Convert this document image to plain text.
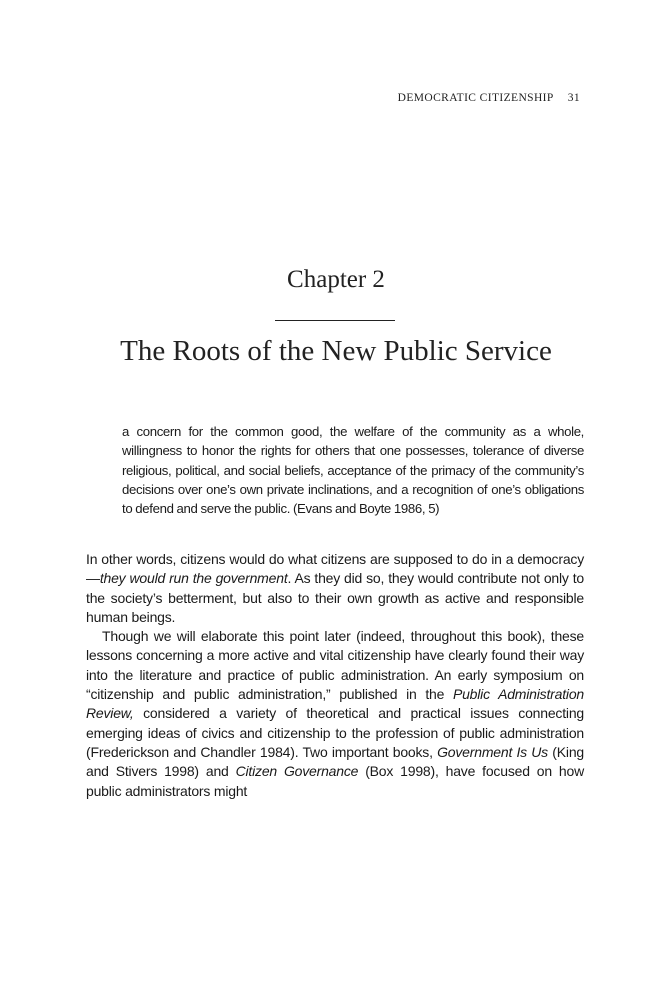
DEMOCRATIC CITIZENSHIP 31
Chapter 2
The Roots of the New Public Service
a concern for the common good, the welfare of the community as a whole, willingness to honor the rights for others that one possesses, tolerance of diverse religious, political, and social beliefs, acceptance of the primacy of the community’s decisions over one’s own private inclinations, and a recognition of one’s obligations to defend and serve the public. (Evans and Boyte 1986, 5)

In other words, citizens would do what citizens are supposed to do in a democracy—they would run the government. As they did so, they would contribute not only to the society’s betterment, but also to their own growth as active and responsible human beings.

Though we will elaborate this point later (indeed, throughout this book), these lessons concerning a more active and vital citizenship have clearly found their way into the literature and practice of public administration. An early symposium on “citizenship and public administration,” published in the Public Administration Review, considered a variety of theoretical and practical issues connecting emerging ideas of civics and citizenship to the profession of public administration (Frederickson and Chandler 1984). Two important books, Government Is Us (King and Stivers 1998) and Citizen Governance (Box 1998), have focused on how public administrators might
